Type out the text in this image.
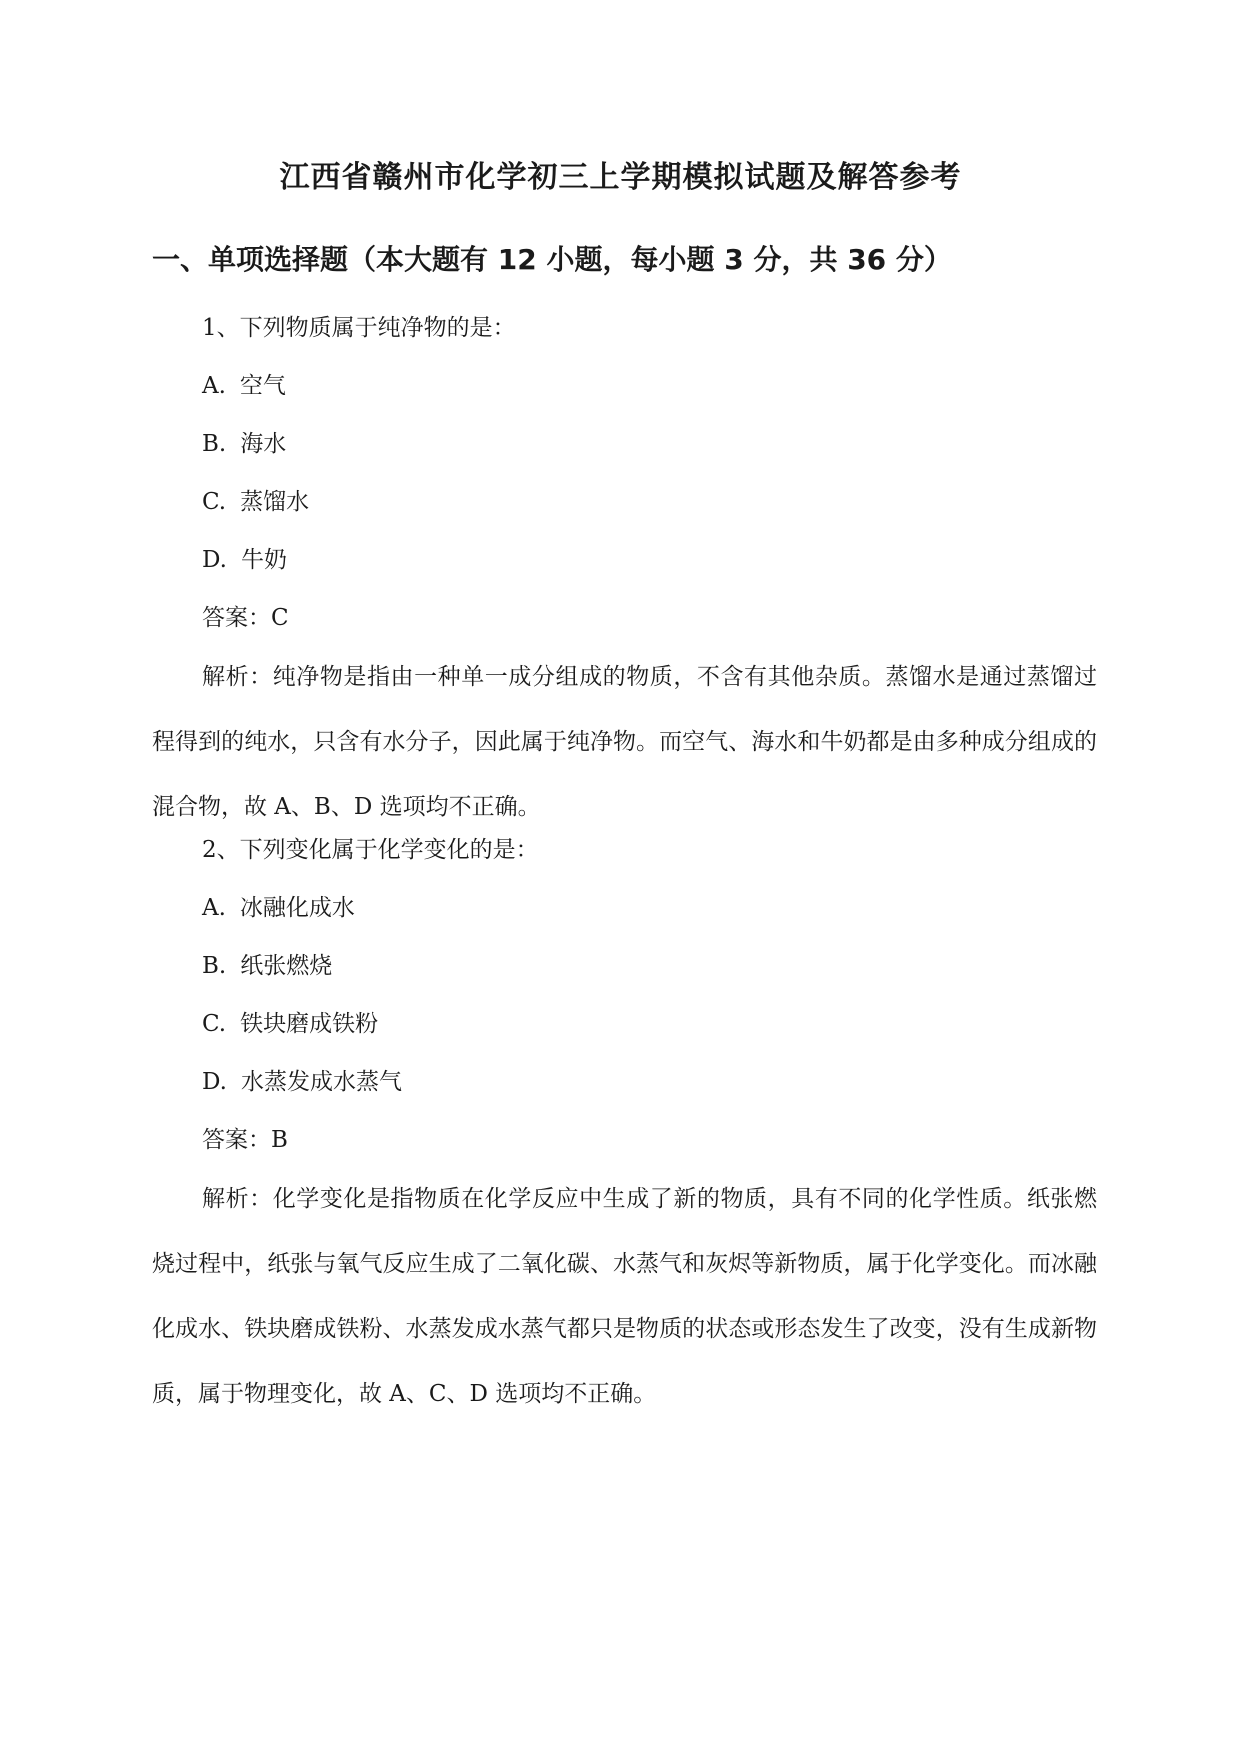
江西省赣州市化学初三上学期模拟试题及解答参考
一、单项选择题（本大题有 12 小题，每小题 3 分，共 36 分）

1、下列物质属于纯净物的是：

A. 空气

B. 海水

C. 蒸馏水

D. 牛奶

答案：C

解析：纯净物是指由一种单一成分组成的物质，不含有其他杂质。蒸馏水是通过蒸馏过程得到的纯水，只含有水分子，因此属于纯净物。而空气、海水和牛奶都是由多种成分组成的混合物，故 A、B、D 选项均不正确。

2、下列变化属于化学变化的是：

A. 冰融化成水

B. 纸张燃烧

C. 铁块磨成铁粉

D. 水蒸发成水蒸气

答案：B

解析：化学变化是指物质在化学反应中生成了新的物质，具有不同的化学性质。纸张燃烧过程中，纸张与氧气反应生成了二氧化碳、水蒸气和灰烬等新物质，属于化学变化。而冰融化成水、铁块磨成铁粉、水蒸发成水蒸气都只是物质的状态或形态发生了改变，没有生成新物质，属于物理变化，故 A、C、D 选项均不正确。
